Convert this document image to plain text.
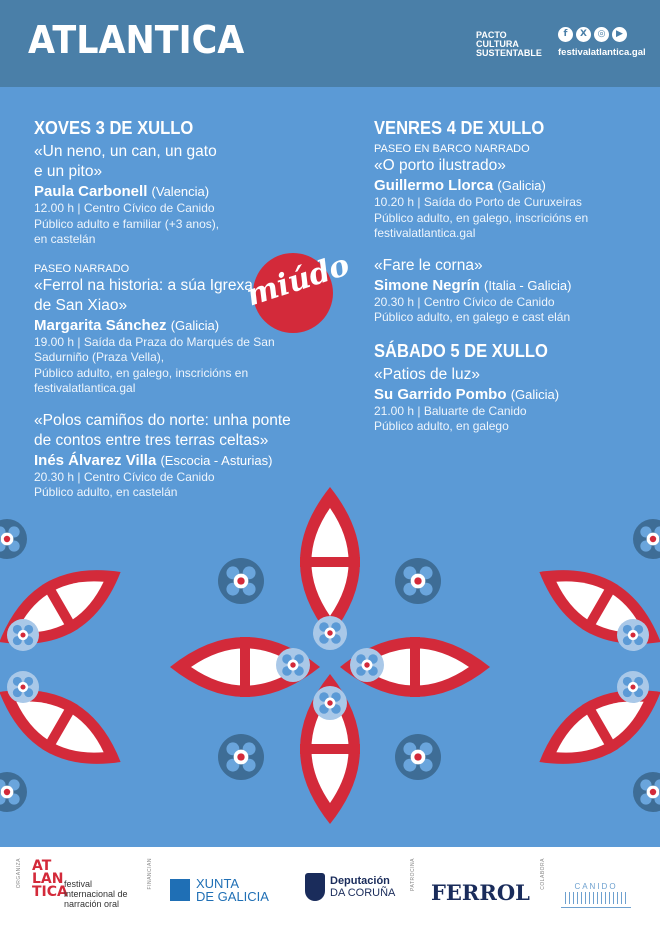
ATLANTICA	PACTO
CULTURA
SUSTENTABLE
f	X	◎	▶
festivalatlantica.gal
miúdo
XOVES 3 DE XULLO
«Un neno, un can, un gato
e un pito»
Paula Carbonell (Valencia)
12.00 h | Centro Cívico de Canido
Público adulto e familiar (+3 anos),
en castelán
PASEO NARRADO
«Ferrol na historia: a súa Igrexa
de San Xiao»
Margarita Sánchez (Galicia)
19.00 h | Saída da Praza do Marqués de San
Sadurniño (Praza Vella),
Público adulto, en galego, inscricións en
festivalatlantica.gal
«Polos camiños do norte: unha ponte
de contos entre tres terras celtas»
Inés Álvarez Villa (Escocia - Asturias)
20.30 h | Centro Cívico de Canido
Público adulto, en castelán
VENRES 4 DE XULLO
PASEO EN BARCO NARRADO
«O porto ilustrado»
Guillermo Llorca (Galicia)
10.20 h | Saída do Porto de Curuxeiras
Público adulto, en galego, inscricións en
festivalatlantica.gal
«Fare le corna»
Simone Negrín (Italia - Galicia)
20.30 h | Centro Cívico de Canido
Público adulto, en galego e cast elán
SÁBADO 5 DE XULLO
«Patios de luz»
Su Garrido Pombo (Galicia)
21.00 h | Baluarte de Canido
Público adulto, en galego
ORGANIZA AT
LAN
TICA
festival
internacional de
narración oral
FINANCIAN	XUNTA
DE GALICIA
Deputación
DA CORUÑA
PATROCINA
FERROL
COLABORA	CANIDO
